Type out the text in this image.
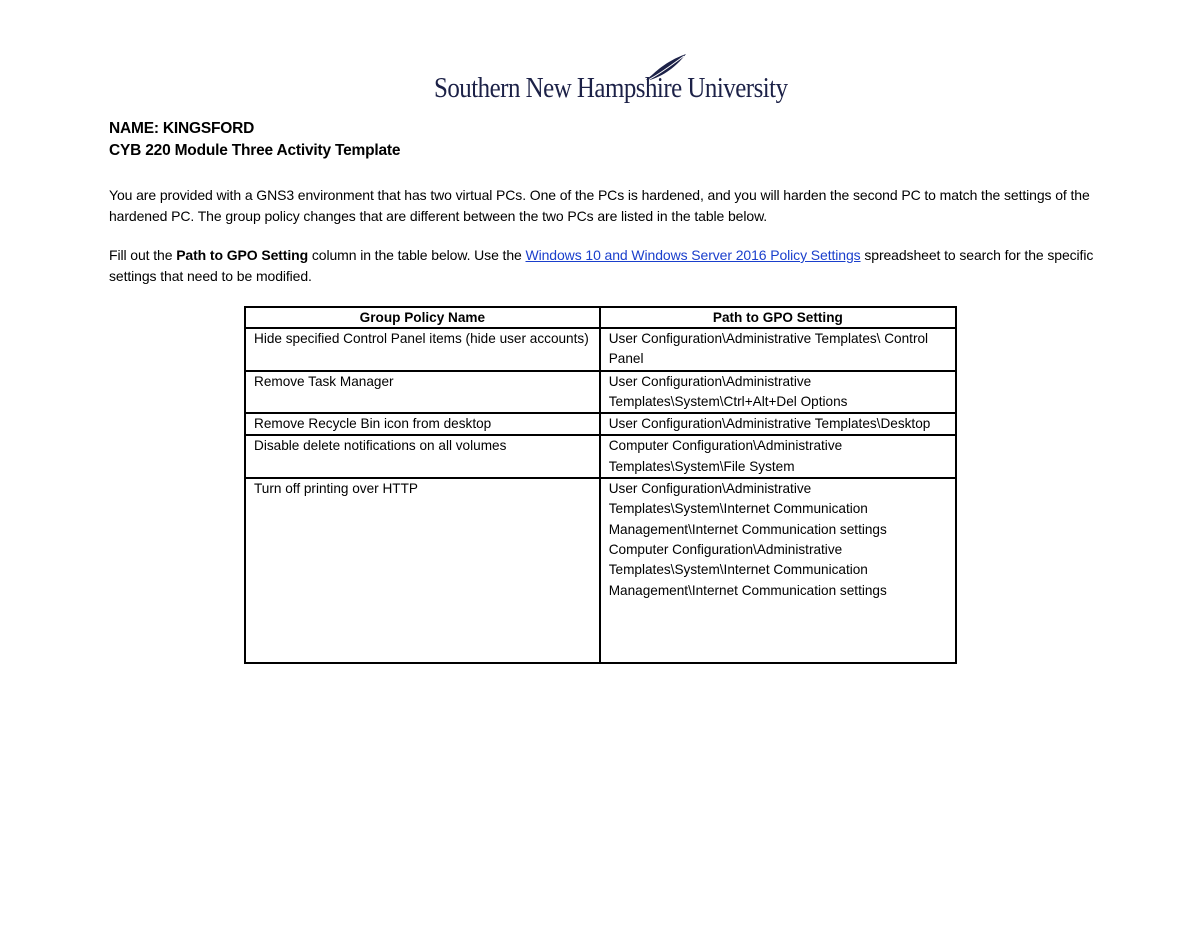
Southern New Hampshire University
NAME: KINGSFORD
CYB 220 Module Three Activity Template
You are provided with a GNS3 environment that has two virtual PCs. One of the PCs is hardened, and you will harden the second PC to match the settings of the hardened PC. The group policy changes that are different between the two PCs are listed in the table below.
Fill out the Path to GPO Setting column in the table below. Use the Windows 10 and Windows Server 2016 Policy Settings spreadsheet to search for the specific settings that need to be modified.
Group Policy Name	Path to GPO Setting
Hide specified Control Panel items (hide user accounts)	User Configuration\Administrative Templates\ Control Panel

Remove Task Manager	User Configuration\Administrative Templates\System\Ctrl+Alt+Del Options

Remove Recycle Bin icon from desktop	User Configuration\Administrative Templates\Desktop

Disable delete notifications on all volumes	Computer Configuration\Administrative Templates\System\File System

Turn off printing over HTTP	User Configuration\Administrative Templates\System\Internet Communication Management\Internet Communication settings
Computer Configuration\Administrative Templates\System\Internet Communication Management\Internet Communication settings
